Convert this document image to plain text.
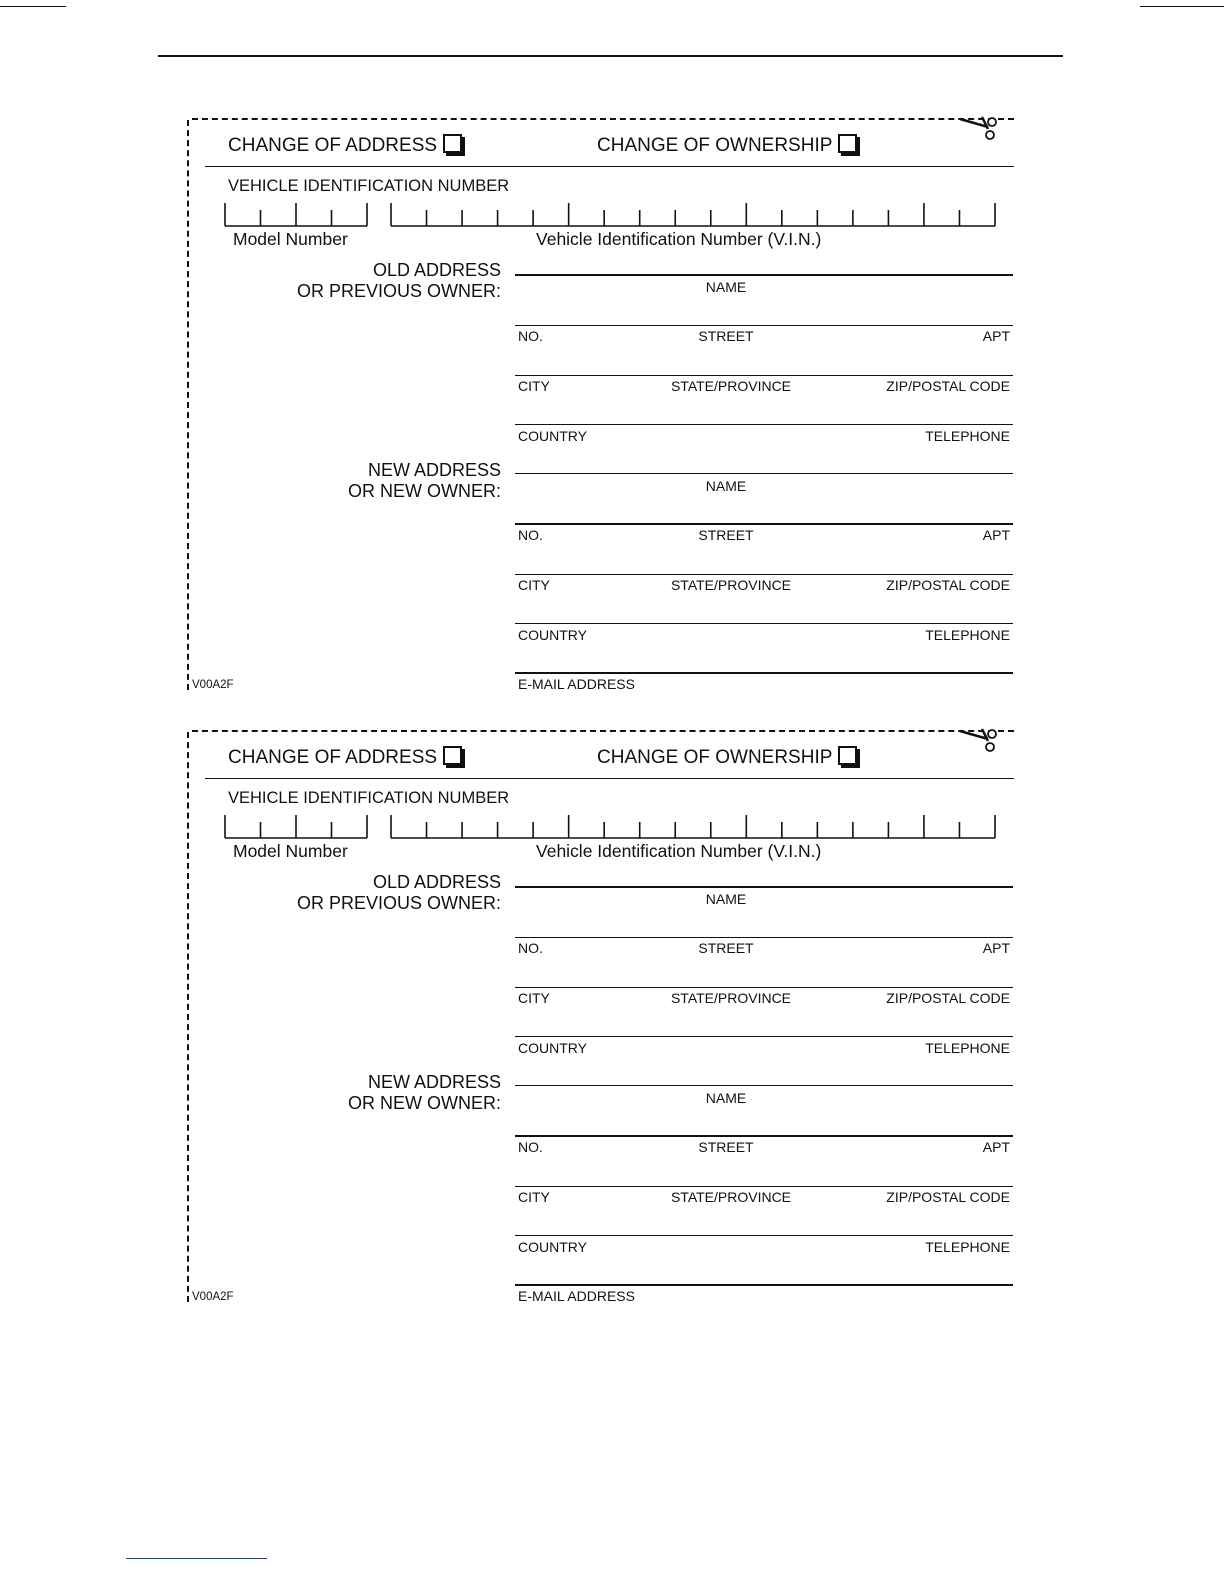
CHANGE OF ADDRESS	CHANGE OF OWNERSHIP
VEHICLE IDENTIFICATION NUMBER
Model Number	Vehicle Identification Number (V.I.N.)
OLD ADDRESS
OR PREVIOUS OWNER:	NAME
NO.	STREET	APT
CITY	STATE/PROVINCE	ZIP/POSTAL CODE
COUNTRY	TELEPHONE
NEW ADDRESS
OR NEW OWNER:	NAME
NO.	STREET	APT
CITY	STATE/PROVINCE	ZIP/POSTAL CODE
COUNTRY	TELEPHONE
E-MAIL ADDRESS
V00A2F
CHANGE OF ADDRESS	CHANGE OF OWNERSHIP
VEHICLE IDENTIFICATION NUMBER
Model Number	Vehicle Identification Number (V.I.N.)
OLD ADDRESS
OR PREVIOUS OWNER:	NAME
NO.	STREET	APT
CITY	STATE/PROVINCE	ZIP/POSTAL CODE
COUNTRY	TELEPHONE
NEW ADDRESS
OR NEW OWNER:	NAME
NO.	STREET	APT
CITY	STATE/PROVINCE	ZIP/POSTAL CODE
COUNTRY	TELEPHONE
E-MAIL ADDRESS
V00A2F
